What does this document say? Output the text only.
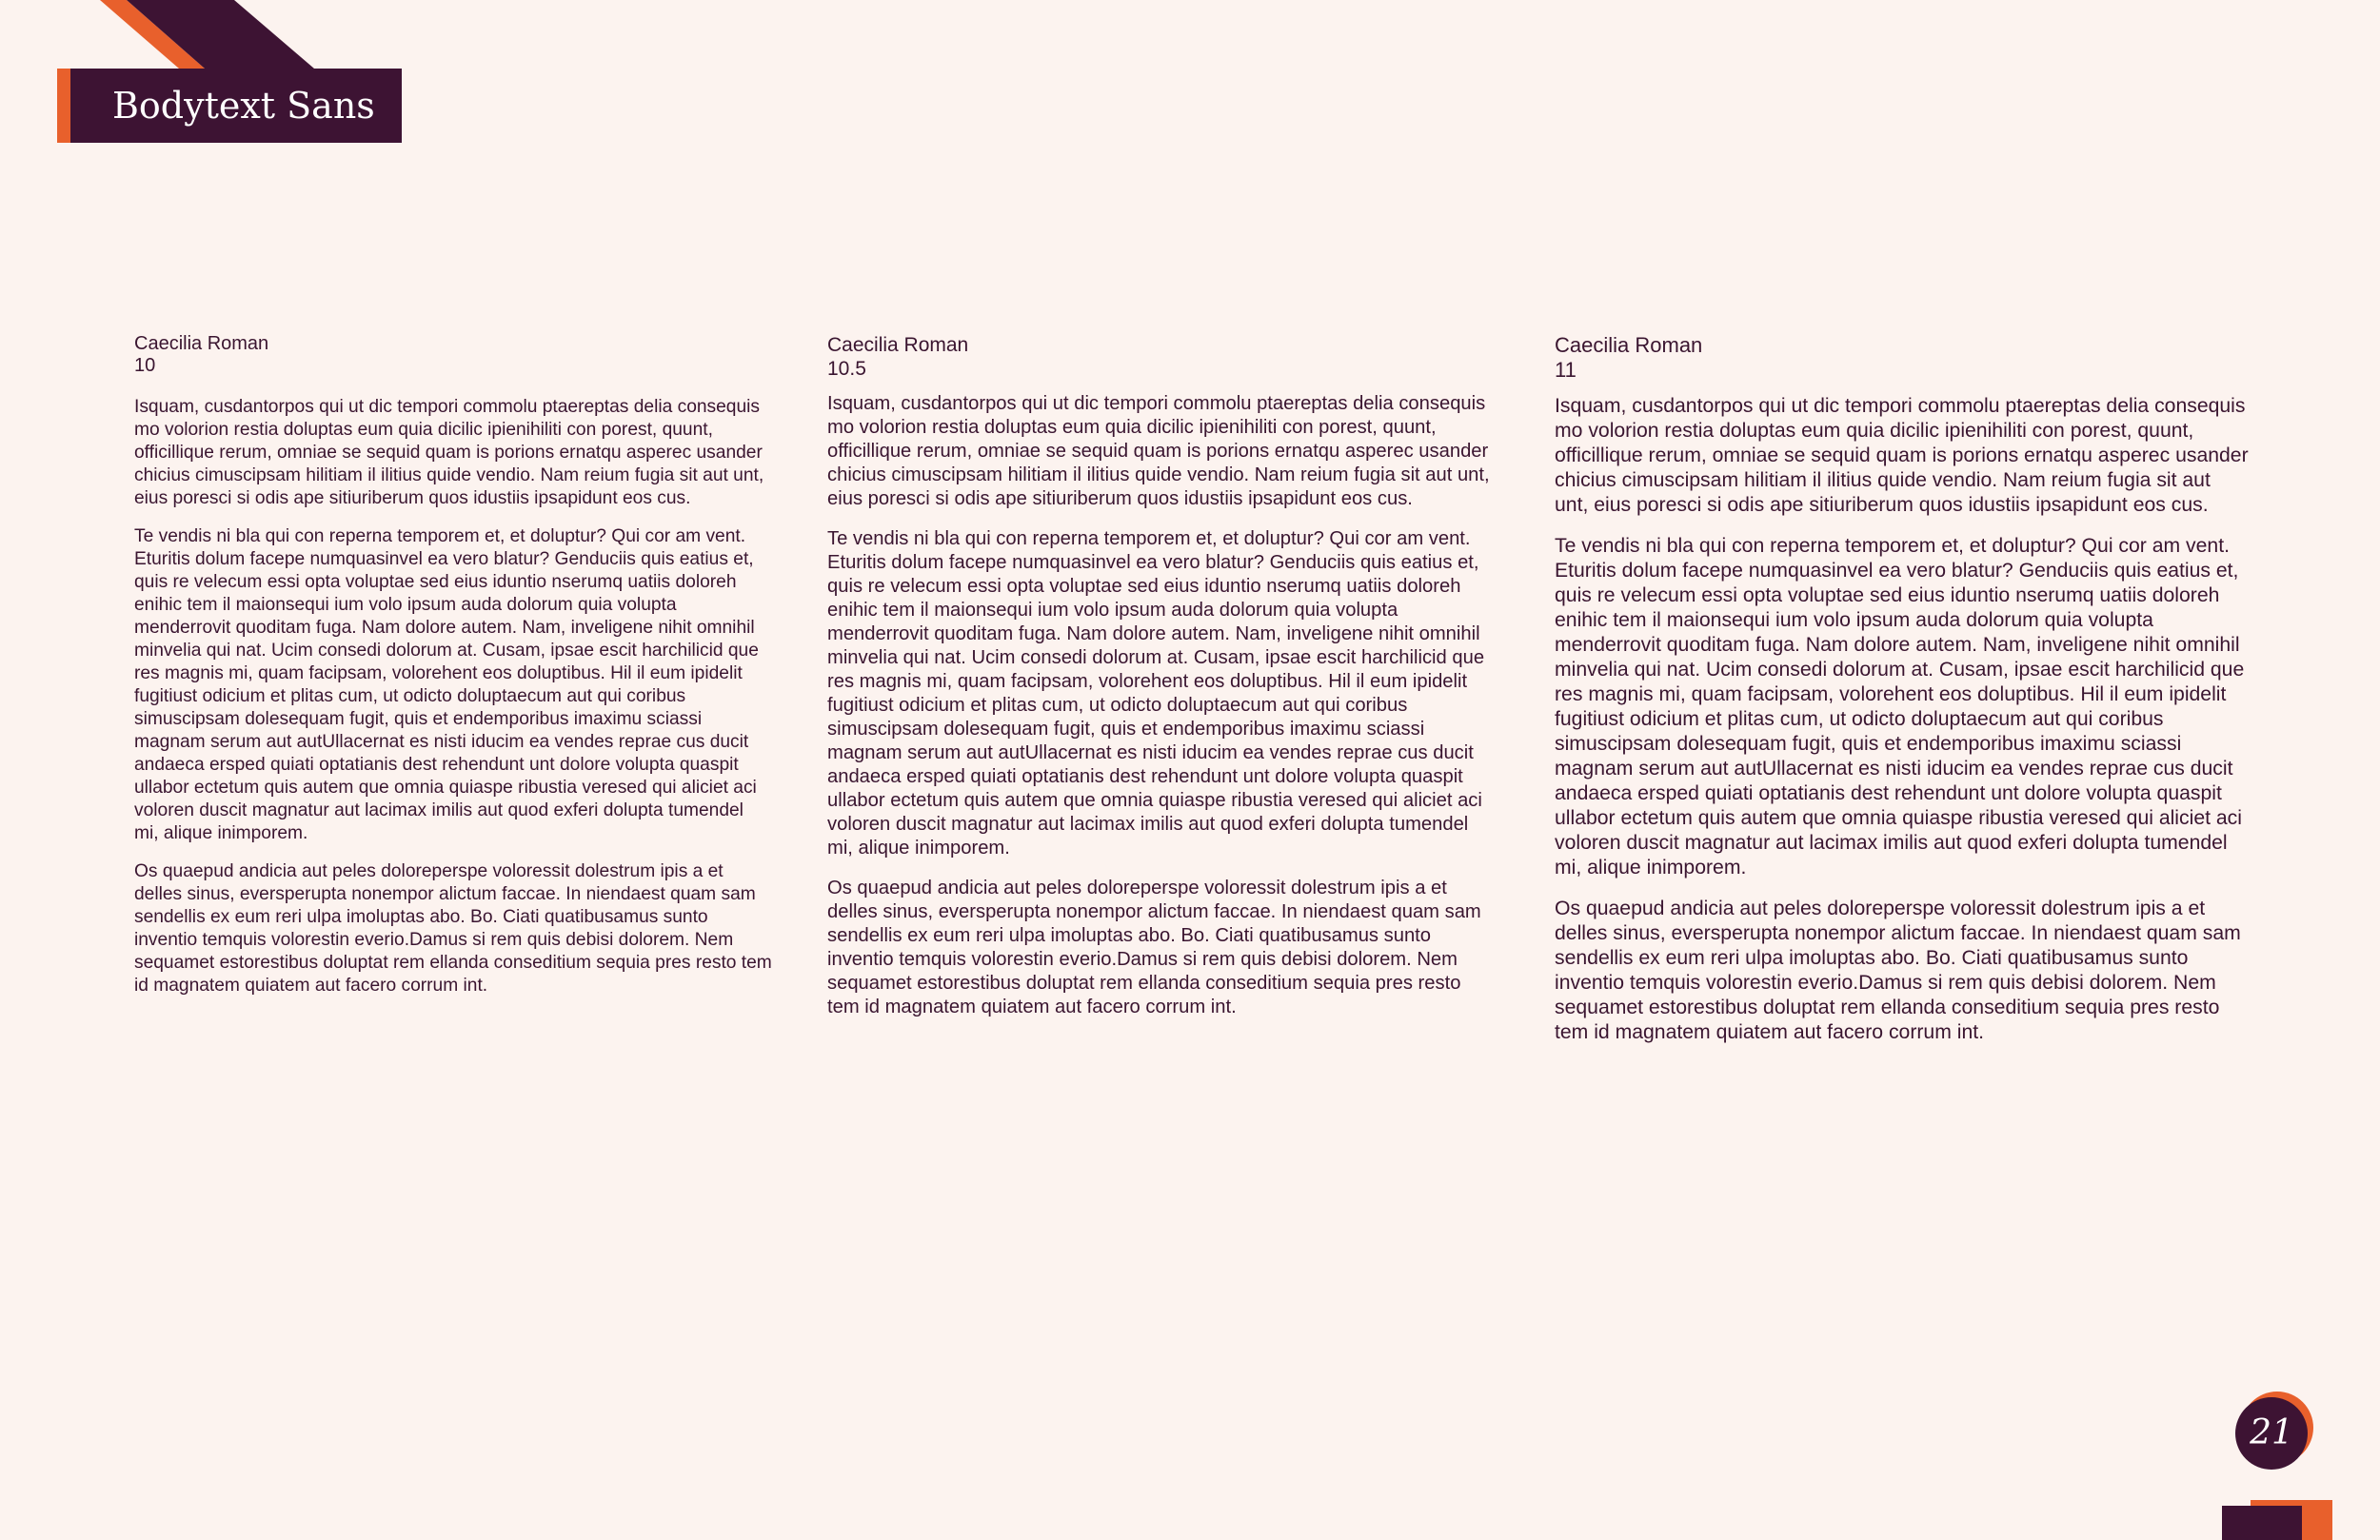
Bodytext Sans

Caecilia Roman

10

Isquam, cusdantorpos qui ut dic tempori commolu ptaereptas delia consequis mo volorion restia doluptas eum quia dicilic ipienihiliti con porest, quunt, officillique rerum, omniae se sequid quam is porions ernatqu asperec usander chicius cimuscipsam hilitiam il ilitius quide vendio. Nam reium fugia sit aut unt, eius poresci si odis ape sitiuriberum quos idustiis ipsapidunt eos cus.

Te vendis ni bla qui con reperna temporem et, et doluptur? Qui cor am vent. Eturitis dolum facepe numquasinvel ea vero blatur? Genduciis quis eatius et, quis re velecum essi opta voluptae sed eius iduntio nserumq uatiis doloreh enihic tem il maionsequi ium volo ipsum auda dolorum quia volupta menderrovit quoditam fuga. Nam dolore autem. Nam, inveligene nihit omnihil minvelia qui nat. Ucim consedi dolorum at. Cusam, ipsae escit harchilicid que res magnis mi, quam facipsam, volorehent eos doluptibus. Hil il eum ipidelit fugitiust odicium et plitas cum, ut odicto doluptaecum aut qui coribus simuscipsam dolesequam fugit, quis et endemporibus imaximu sciassi magnam serum aut autUllacernat es nisti iducim ea vendes reprae cus ducit andaeca ersped quiati optatianis dest rehendunt unt dolore volupta quaspit ullabor ectetum quis autem que omnia quiaspe ribustia veresed qui aliciet aci voloren duscit magnatur aut lacimax imilis aut quod exferi dolupta tumendel mi, alique inimporem.

Os quaepud andicia aut peles doloreperspe voloressit dolestrum ipis a et delles sinus, eversperupta nonempor alictum faccae. In niendaest quam sam sendellis ex eum reri ulpa imoluptas abo. Bo. Ciati quatibusamus sunto inventio temquis volorestin everio.Damus si rem quis debisi dolorem. Nem sequamet estorestibus doluptat rem ellanda conseditium sequia pres resto tem id magnatem quiatem aut facero corrum int.

Caecilia Roman

10.5

Isquam, cusdantorpos qui ut dic tempori commolu ptaereptas delia consequis mo volorion restia doluptas eum quia dicilic ipienihiliti con porest, quunt, officillique rerum, omniae se sequid quam is porions ernatqu asperec usander chicius cimuscipsam hilitiam il ilitius quide vendio. Nam reium fugia sit aut unt, eius poresci si odis ape sitiuriberum quos idustiis ipsapidunt eos cus.

Te vendis ni bla qui con reperna temporem et, et doluptur? Qui cor am vent. Eturitis dolum facepe numquasinvel ea vero blatur? Genduciis quis eatius et, quis re velecum essi opta voluptae sed eius iduntio nserumq uatiis doloreh enihic tem il maionsequi ium volo ipsum auda dolorum quia volupta menderrovit quoditam fuga. Nam dolore autem. Nam, inveligene nihit omnihil minvelia qui nat. Ucim consedi dolorum at. Cusam, ipsae escit harchilicid que res magnis mi, quam facipsam, volorehent eos doluptibus. Hil il eum ipidelit fugitiust odicium et plitas cum, ut odicto doluptaecum aut qui coribus simuscipsam dolesequam fugit, quis et endemporibus imaximu sciassi magnam serum aut autUllacernat es nisti iducim ea vendes reprae cus ducit andaeca ersped quiati optatianis dest rehendunt unt dolore volupta quaspit ullabor ectetum quis autem que omnia quiaspe ribustia veresed qui aliciet aci voloren duscit magnatur aut lacimax imilis aut quod exferi dolupta tumendel mi, alique inimporem.

Os quaepud andicia aut peles doloreperspe voloressit dolestrum ipis a et delles sinus, eversperupta nonempor alictum faccae. In niendaest quam sam sendellis ex eum reri ulpa imoluptas abo. Bo. Ciati quatibusamus sunto inventio temquis volorestin everio.Damus si rem quis debisi dolorem. Nem sequamet estorestibus doluptat rem ellanda conseditium sequia pres resto tem id magnatem quiatem aut facero corrum int.

Caecilia Roman

11

Isquam, cusdantorpos qui ut dic tempori commolu ptaereptas delia consequis mo volorion restia doluptas eum quia dicilic ipienihiliti con porest, quunt, officillique rerum, omniae se sequid quam is porions ernatqu asperec usander chicius cimuscipsam hilitiam il ilitius quide vendio. Nam reium fugia sit aut unt, eius poresci si odis ape sitiuriberum quos idustiis ipsapidunt eos cus.

Te vendis ni bla qui con reperna temporem et, et doluptur? Qui cor am vent. Eturitis dolum facepe numquasinvel ea vero blatur? Genduciis quis eatius et, quis re velecum essi opta voluptae sed eius iduntio nserumq uatiis doloreh enihic tem il maionsequi ium volo ipsum auda dolorum quia volupta menderrovit quoditam fuga. Nam dolore autem. Nam, inveligene nihit omnihil minvelia qui nat. Ucim consedi dolorum at. Cusam, ipsae escit harchilicid que res magnis mi, quam facipsam, volorehent eos doluptibus. Hil il eum ipidelit fugitiust odicium et plitas cum, ut odicto doluptaecum aut qui coribus simuscipsam dolesequam fugit, quis et endemporibus imaximu sciassi magnam serum aut autUllacernat es nisti iducim ea vendes reprae cus ducit andaeca ersped quiati optatianis dest rehendunt unt dolore volupta quaspit ullabor ectetum quis autem que omnia quiaspe ribustia veresed qui aliciet aci voloren duscit magnatur aut lacimax imilis aut quod exferi dolupta tumendel mi, alique inimporem.

Os quaepud andicia aut peles doloreperspe voloressit dolestrum ipis a et delles sinus, eversperupta nonempor alictum faccae. In niendaest quam sam sendellis ex eum reri ulpa imoluptas abo. Bo. Ciati quatibusamus sunto inventio temquis volorestin everio.Damus si rem quis debisi dolorem. Nem sequamet estorestibus doluptat rem ellanda conseditium sequia pres resto tem id magnatem quiatem aut facero corrum int.

21
